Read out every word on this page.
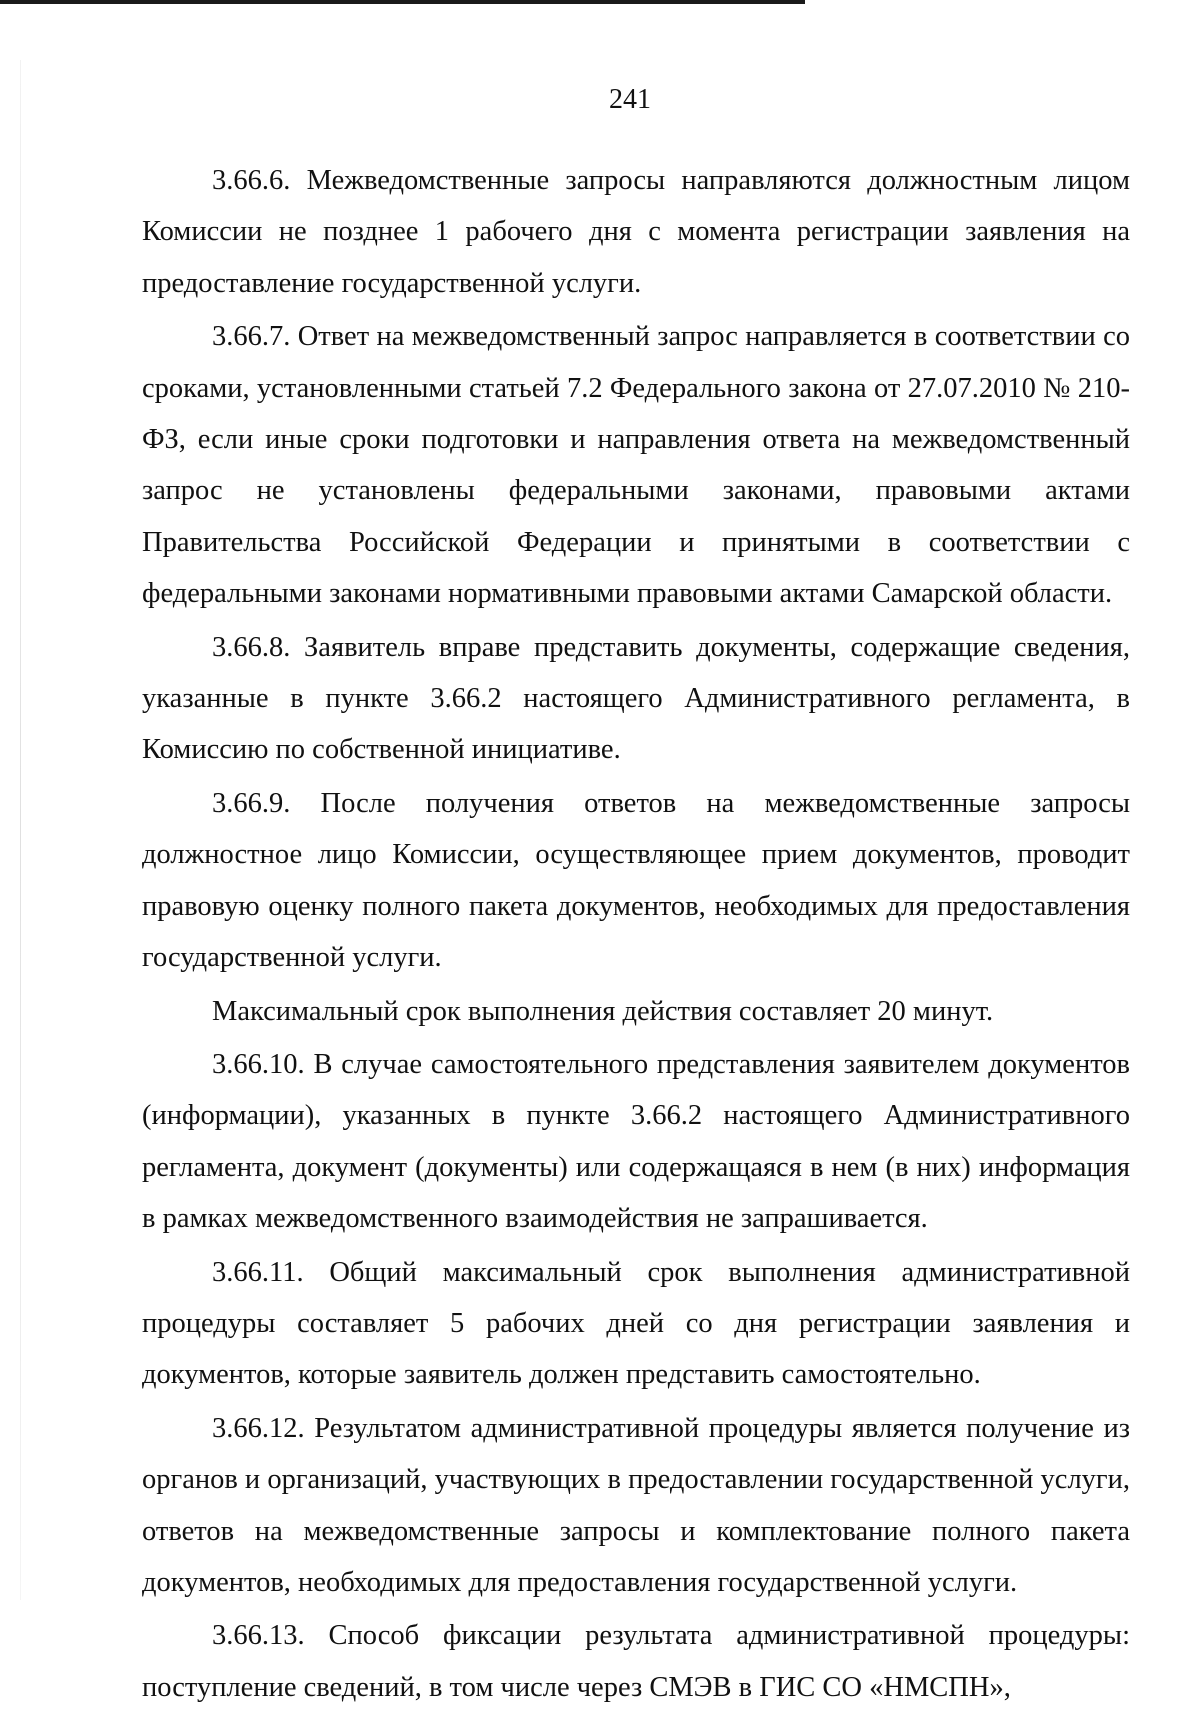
241

3.66.6. Межведомственные запросы направляются должностным лицом Комиссии не позднее 1 рабочего дня с момента регистрации заявления на предоставление государственной услуги.

3.66.7. Ответ на межведомственный запрос направляется в соответствии со сроками, установленными статьей 7.2 Федерального закона от 27.07.2010 № 210-ФЗ, если иные сроки подготовки и направления ответа на межведомственный запрос не установлены федеральными законами, правовыми актами Правительства Российской Федерации и принятыми в соответствии с федеральными законами нормативными правовыми актами Самарской области.

3.66.8. Заявитель вправе представить документы, содержащие сведения, указанные в пункте 3.66.2 настоящего Административного регламента, в Комиссию по собственной инициативе.

3.66.9. После получения ответов на межведомственные запросы должностное лицо Комиссии, осуществляющее прием документов, проводит правовую оценку полного пакета документов, необходимых для предоставления государственной услуги.

Максимальный срок выполнения действия составляет 20 минут.

3.66.10. В случае самостоятельного представления заявителем документов (информации), указанных в пункте 3.66.2 настоящего Административного регламента, документ (документы) или содержащаяся в нем (в них) информация в рамках межведомственного взаимодействия не запрашивается.

3.66.11. Общий максимальный срок выполнения административной процедуры составляет 5 рабочих дней со дня регистрации заявления и документов, которые заявитель должен представить самостоятельно.

3.66.12. Результатом административной процедуры является получение из органов и организаций, участвующих в предоставлении государственной услуги, ответов на межведомственные запросы и комплектование полного пакета документов, необходимых для предоставления государственной услуги.

3.66.13. Способ фиксации результата административной процедуры: поступление сведений, в том числе через СМЭВ в ГИС СО «НМСПН»,
